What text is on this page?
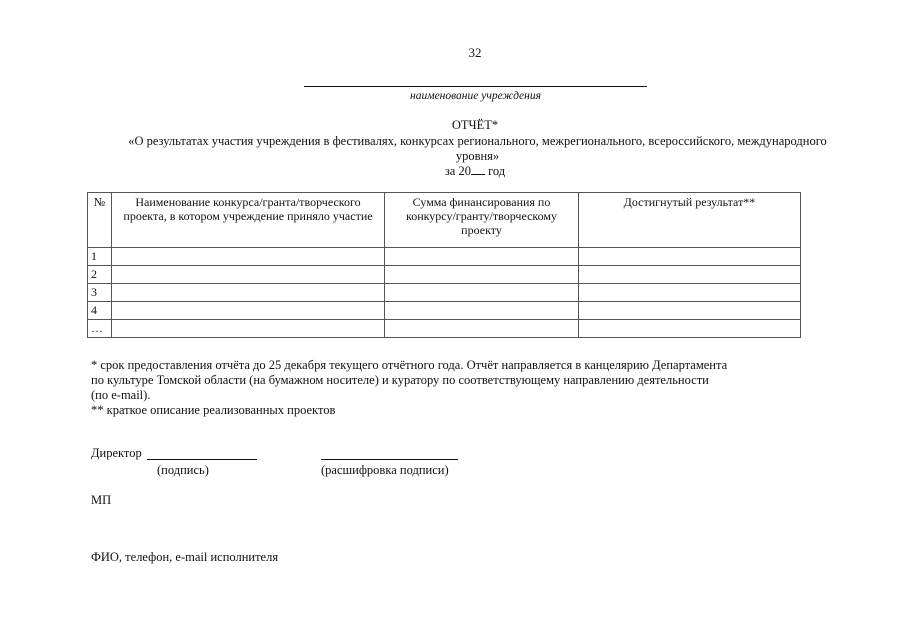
32
наименование учреждения
ОТЧЁТ*
«О результатах участия учреждения в фестивалях, конкурсах регионального, межрегионального, всероссийского, международного уровня»
за 20 год
№	Наименование конкурса/гранта/творческого проекта, в котором учреждение приняло участие	Сумма финансирования по конкурсу/гранту/творческому проекту	Достигнутый результат**
1			
2			
3			
4			
…			
* срок предоставления отчёта до 25 декабря текущего отчётного года. Отчёт направляется в канцелярию Департамента
по культуре Томской области (на бумажном носителе) и куратору по соответствующему направлению деятельности
(по e-mail).
** краткое описание реализованных проектов
Директор
(подпись)	(расшифровка подписи)
МП
ФИО, телефон, e-mail исполнителя
